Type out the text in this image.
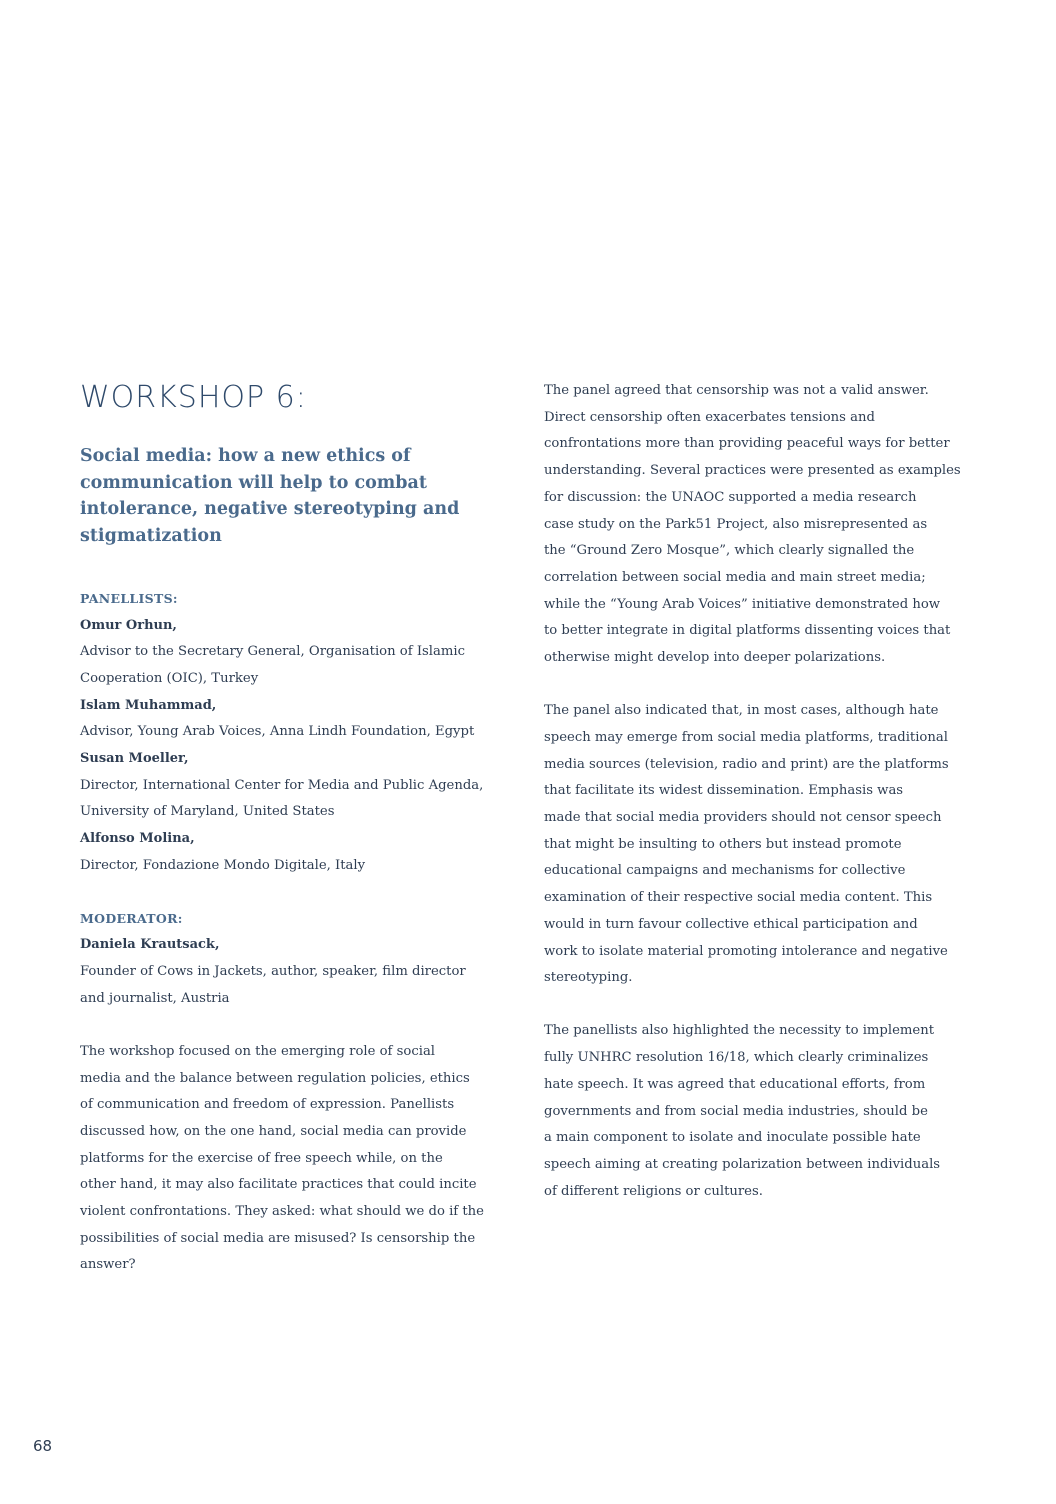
WORKSHOP 6:

Social media: how a new ethics of
communication will help to combat
intolerance, negative stereotyping and
stigmatization

PANELLISTS:
Omur Orhun,
Advisor to the Secretary General, Organisation of Islamic
Cooperation (OIC), Turkey
Islam Muhammad,
Advisor, Young Arab Voices, Anna Lindh Foundation, Egypt
Susan Moeller,
Director, International Center for Media and Public Agenda,
University of Maryland, United States
Alfonso Molina,
Director, Fondazione Mondo Digitale, Italy
MODERATOR:
Daniela Krautsack,
Founder of Cows in Jackets, author, speaker, film director
and journalist, Austria

The workshop focused on the emerging role of social
media and the balance between regulation policies, ethics
of communication and freedom of expression. Panellists
discussed how, on the one hand, social media can provide
platforms for the exercise of free speech while, on the
other hand, it may also facilitate practices that could incite
violent confrontations. They asked: what should we do if the
possibilities of social media are misused? Is censorship the
answer?

The panel agreed that censorship was not a valid answer.
Direct censorship often exacerbates tensions and
confrontations more than providing peaceful ways for better
understanding. Several practices were presented as examples
for discussion: the UNAOC supported a media research
case study on the Park51 Project, also misrepresented as
the “Ground Zero Mosque”, which clearly signalled the
correlation between social media and main street media;
while the “Young Arab Voices” initiative demonstrated how
to better integrate in digital platforms dissenting voices that
otherwise might develop into deeper polarizations.

The panel also indicated that, in most cases, although hate
speech may emerge from social media platforms, traditional
media sources (television, radio and print) are the platforms
that facilitate its widest dissemination. Emphasis was
made that social media providers should not censor speech
that might be insulting to others but instead promote
educational campaigns and mechanisms for collective
examination of their respective social media content. This
would in turn favour collective ethical participation and
work to isolate material promoting intolerance and negative
stereotyping.

The panellists also highlighted the necessity to implement
fully UNHRC resolution 16/18, which clearly criminalizes
hate speech. It was agreed that educational efforts, from
governments and from social media industries, should be
a main component to isolate and inoculate possible hate
speech aiming at creating polarization between individuals
of different religions or cultures.

68
